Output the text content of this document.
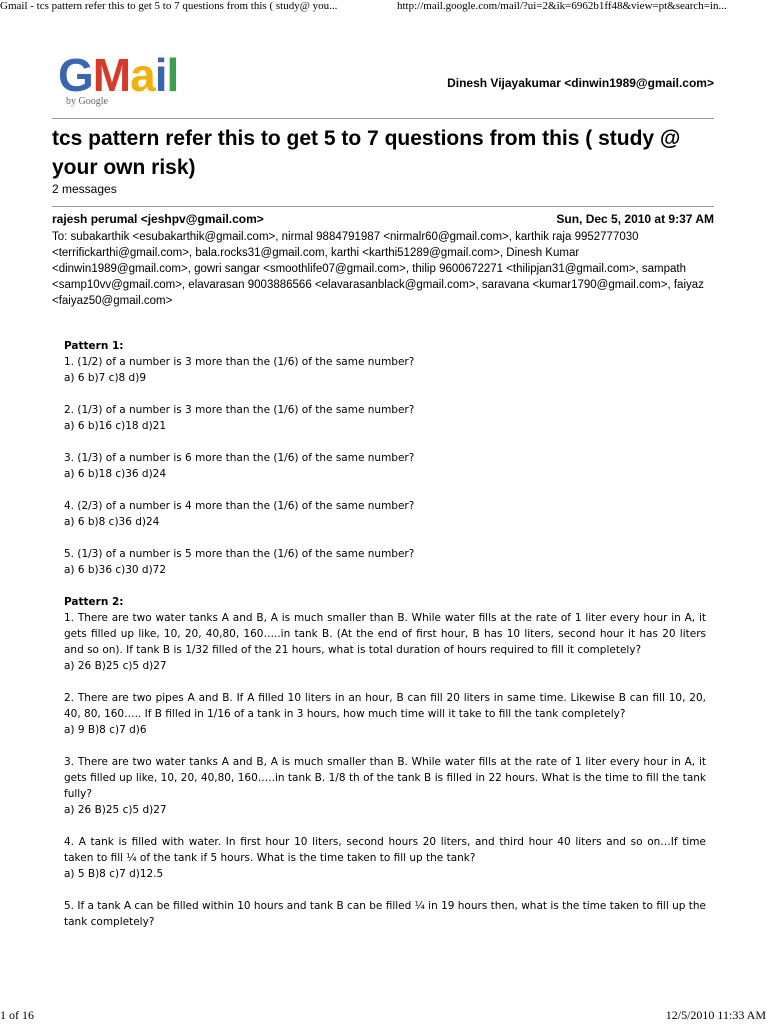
Gmail - tcs pattern refer this to get 5 to 7 questions from this ( study@ you...	http://mail.google.com/mail/?ui=2&ik=6962b1ff48&view=pt&search=in...
GMail
by Google
Dinesh Vijayakumar <dinwin1989@gmail.com>
tcs pattern refer this to get 5 to 7 questions from this ( study @ your own risk)
2 messages
rajesh perumal <jeshpv@gmail.com>	Sun, Dec 5, 2010 at 9:37 AM
To: subakarthik <esubakarthik@gmail.com>, nirmal 9884791987 <nirmalr60@gmail.com>, karthik raja 9952777030 <terrifickarthi@gmail.com>, bala.rocks31@gmail.com, karthi <karthi51289@gmail.com>, Dinesh Kumar <dinwin1989@gmail.com>, gowri sangar <smoothlife07@gmail.com>, thilip 9600672271 <thilipjan31@gmail.com>, sampath <samp10vv@gmail.com>, elavarasan 9003886566 <elavarasanblack@gmail.com>, saravana <kumar1790@gmail.com>, faiyaz <faiyaz50@gmail.com>

Pattern 1:

1. (1/2) of a number is 3 more than the (1/6) of the same number?

a) 6 b)7 c)8 d)9

2. (1/3) of a number is 3 more than the (1/6) of the same number?

a) 6 b)16 c)18 d)21

3. (1/3) of a number is 6 more than the (1/6) of the same number?

a) 6 b)18 c)36 d)24

4. (2/3) of a number is 4 more than the (1/6) of the same number?

a) 6 b)8 c)36 d)24

5. (1/3) of a number is 5 more than the (1/6) of the same number?

a) 6 b)36 c)30 d)72

Pattern 2:

1. There are two water tanks A and B, A is much smaller than B. While water fills at the rate of 1 liter every hour in A, it gets filled up like, 10, 20, 40,80, 160…..in tank B. (At the end of first hour, B has 10 liters, second hour it has 20 liters and so on). If tank B is 1/32 filled of the 21 hours, what is total duration of hours required to fill it completely?

a) 26 B)25 c)5 d)27

2. There are two pipes A and B. If A filled 10 liters in an hour, B can fill 20 liters in same time. Likewise B can fill 10, 20, 40, 80, 160….. If B filled in 1/16 of a tank in 3 hours, how much time will it take to fill the tank completely?

a) 9 B)8 c)7 d)6

3. There are two water tanks A and B, A is much smaller than B. While water fills at the rate of 1 liter every hour in A, it gets filled up like, 10, 20, 40,80, 160…..in tank B. 1/8 th of the tank B is filled in 22 hours. What is the time to fill the tank fully?

a) 26 B)25 c)5 d)27

4. A tank is filled with water. In first hour 10 liters, second hours 20 liters, and third hour 40 liters and so on…If time taken to fill ¼ of the tank if 5 hours. What is the time taken to fill up the tank?

a) 5 B)8 c)7 d)12.5

5. If a tank A can be filled within 10 hours and tank B can be filled ¼ in 19 hours then, what is the time taken to fill up the tank completely?

1 of 16	12/5/2010 11:33 AM
